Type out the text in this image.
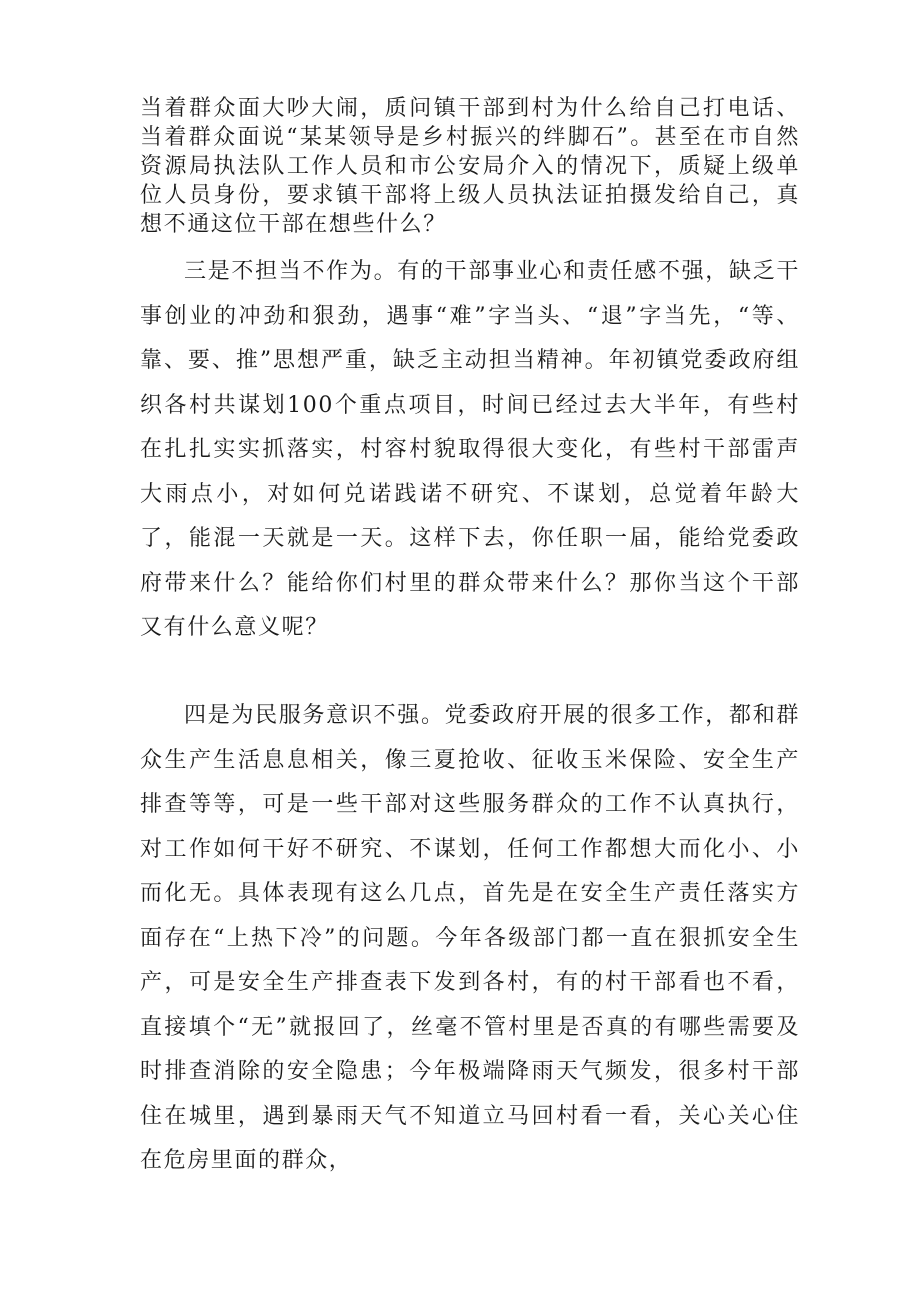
当着群众面大吵大闹，质问镇干部到村为什么给自己打电话、当着群众面说“某某领导是乡村振兴的绊脚石”。甚至在市自然资源局执法队工作人员和市公安局介入的情况下，质疑上级单位人员身份，要求镇干部将上级人员执法证拍摄发给自己，真想不通这位干部在想些什么？

三是不担当不作为。有的干部事业心和责任感不强，缺乏干事创业的冲劲和狠劲，遇事“难”字当头、“退”字当先，“等、靠、要、推”思想严重，缺乏主动担当精神。年初镇党委政府组织各村共谋划100个重点项目，时间已经过去大半年，有些村在扎扎实实抓落实，村容村貌取得很大变化，有些村干部雷声大雨点小，对如何兑诺践诺不研究、不谋划，总觉着年龄大了，能混一天就是一天。这样下去，你任职一届，能给党委政府带来什么？能给你们村里的群众带来什么？那你当这个干部又有什么意义呢？

四是为民服务意识不强。党委政府开展的很多工作，都和群众生产生活息息相关，像三夏抢收、征收玉米保险、安全生产排查等等，可是一些干部对这些服务群众的工作不认真执行，对工作如何干好不研究、不谋划，任何工作都想大而化小、小而化无。具体表现有这么几点，首先是在安全生产责任落实方面存在“上热下冷”的问题。今年各级部门都一直在狠抓安全生产，可是安全生产排查表下发到各村，有的村干部看也不看，直接填个“无”就报回了，丝毫不管村里是否真的有哪些需要及时排查消除的安全隐患；今年极端降雨天气频发，很多村干部住在城里，遇到暴雨天气不知道立马回村看一看，关心关心住在危房里面的群众，
